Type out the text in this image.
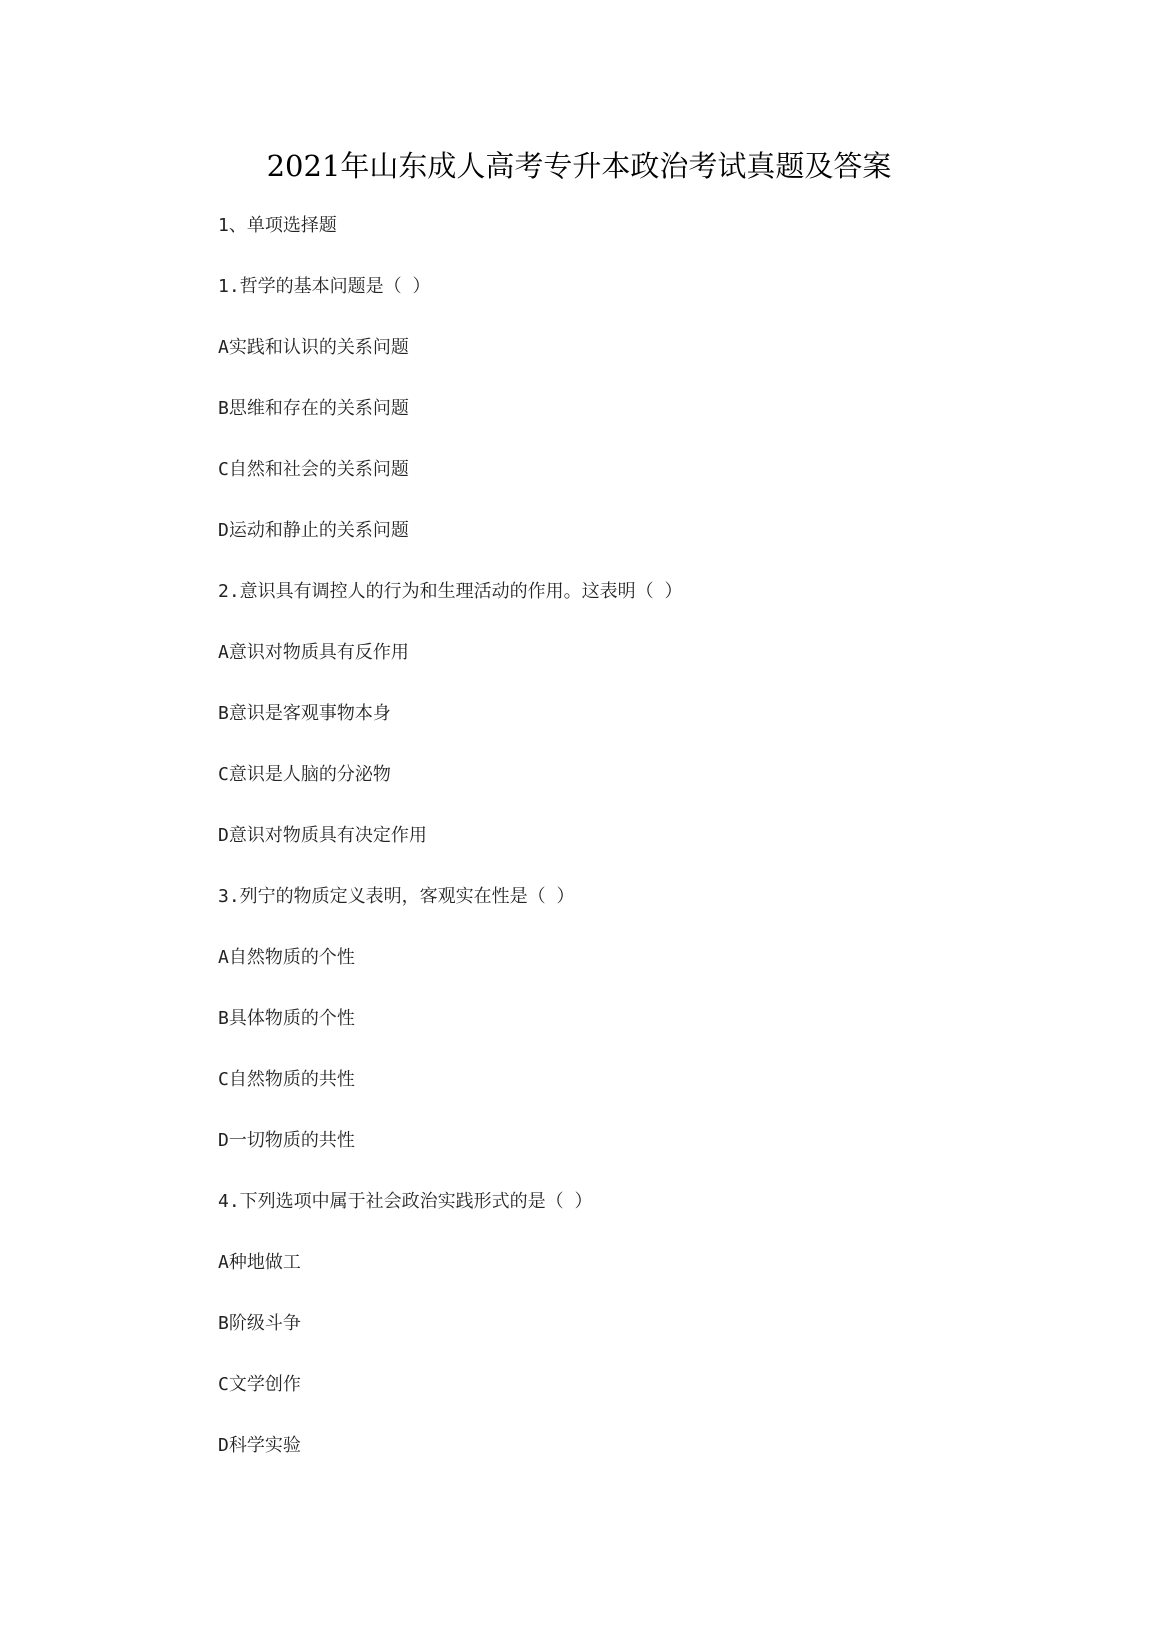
2021年山东成人高考专升本政治考试真题及答案
1、单项选择题
1.哲学的基本问题是（ ）
A实践和认识的关系问题
B思维和存在的关系问题
C自然和社会的关系问题
D运动和静止的关系问题
2.意识具有调控人的行为和生理活动的作用。这表明（ ）
A意识对物质具有反作用
B意识是客观事物本身
C意识是人脑的分泌物
D意识对物质具有决定作用
3.列宁的物质定义表明，客观实在性是（ ）
A自然物质的个性
B具体物质的个性
C自然物质的共性
D一切物质的共性
4.下列选项中属于社会政治实践形式的是（ ）
A种地做工
B阶级斗争
C文学创作
D科学实验
